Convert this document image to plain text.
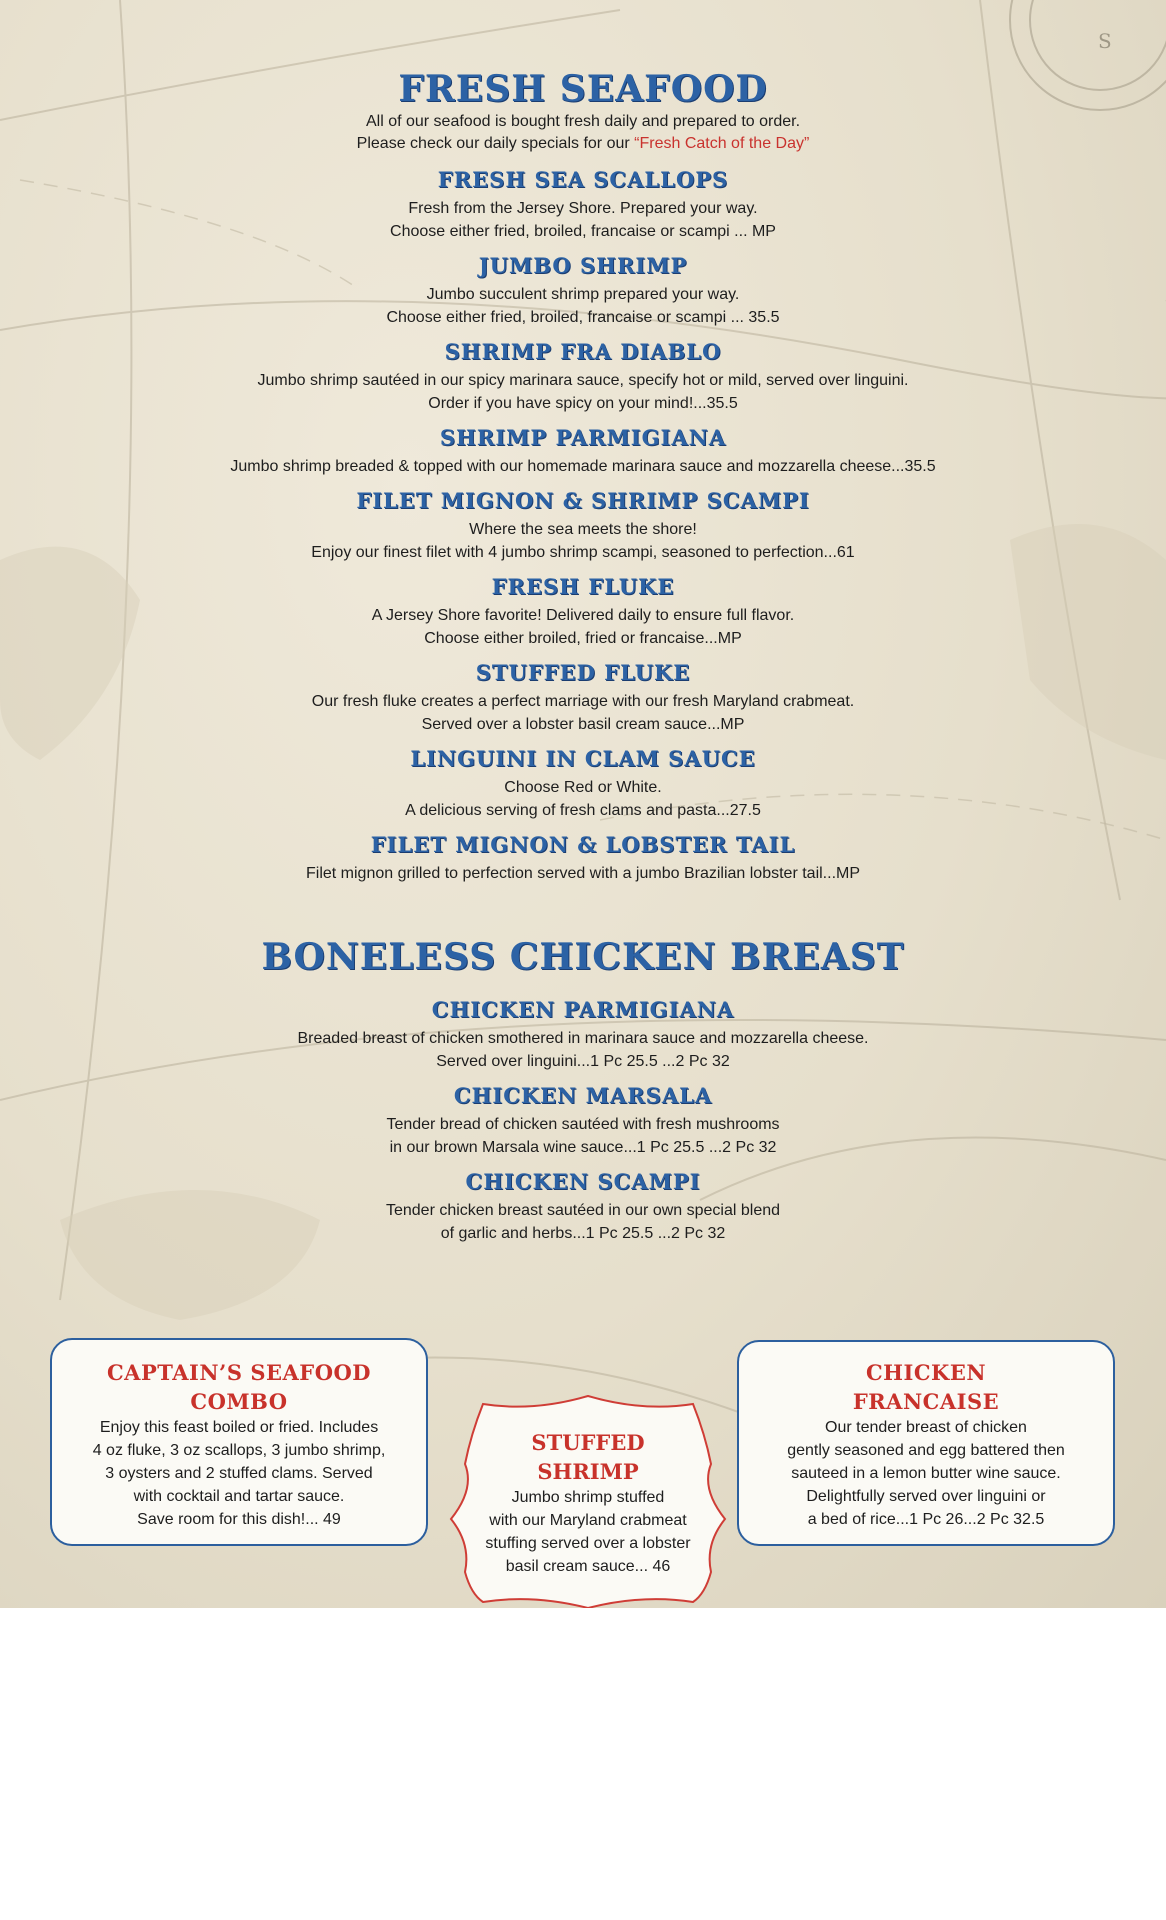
S
FRESH SEAFOOD
All of our seafood is bought fresh daily and prepared to order.
Please check our daily specials for our “Fresh Catch of the Day”
FRESH SEA SCALLOPS
Fresh from the Jersey Shore. Prepared your way.
Choose either fried, broiled, francaise or scampi ... MP
JUMBO SHRIMP
Jumbo succulent shrimp prepared your way.
Choose either fried, broiled, francaise or scampi ... 35.5
SHRIMP FRA DIABLO
Jumbo shrimp sautéed in our spicy marinara sauce, specify hot or mild, served over linguini.
Order if you have spicy on your mind!...35.5
SHRIMP PARMIGIANA
Jumbo shrimp breaded & topped with our homemade marinara sauce and mozzarella cheese...35.5
FILET MIGNON & SHRIMP SCAMPI
Where the sea meets the shore!
Enjoy our finest filet with 4 jumbo shrimp scampi, seasoned to perfection...61
FRESH FLUKE
A Jersey Shore favorite! Delivered daily to ensure full flavor.
Choose either broiled, fried or francaise...MP
STUFFED FLUKE
Our fresh fluke creates a perfect marriage with our fresh Maryland crabmeat.
Served over a lobster basil cream sauce...MP
LINGUINI IN CLAM SAUCE
Choose Red or White.
A delicious serving of fresh clams and pasta...27.5
FILET MIGNON & LOBSTER TAIL
Filet mignon grilled to perfection served with a jumbo Brazilian lobster tail...MP
BONELESS CHICKEN BREAST
CHICKEN PARMIGIANA
Breaded breast of chicken smothered in marinara sauce and mozzarella cheese.
Served over linguini...1 Pc 25.5 ...2 Pc 32
CHICKEN MARSALA
Tender bread of chicken sautéed with fresh mushrooms
in our brown Marsala wine sauce...1 Pc 25.5 ...2 Pc 32
CHICKEN SCAMPI
Tender chicken breast sautéed in our own special blend
of garlic and herbs...1 Pc 25.5 ...2 Pc 32
CAPTAIN’S SEAFOOD
COMBO
Enjoy this feast boiled or fried. Includes
4 oz fluke, 3 oz scallops, 3 jumbo shrimp,
3 oysters and 2 stuffed clams. Served
with cocktail and tartar sauce.
Save room for this dish!... 49
STUFFED
SHRIMP
Jumbo shrimp stuffed
with our Maryland crabmeat
stuffing served over a lobster
basil cream sauce... 46
CHICKEN
FRANCAISE
Our tender breast of chicken
gently seasoned and egg battered then
sauteed in a lemon butter wine sauce.
Delightfully served over linguini or
a bed of rice...1 Pc 26...2 Pc 32.5
